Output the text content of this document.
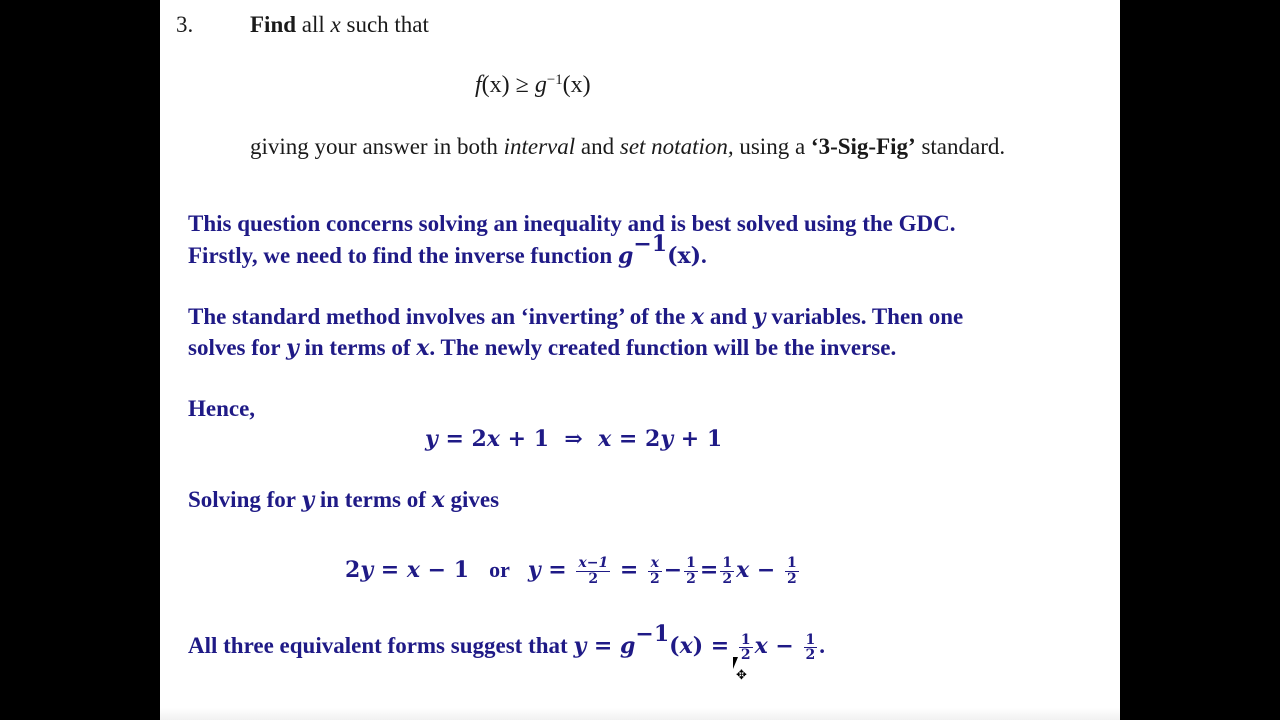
3. Find all x such that
$f(x) \ge g^{-1}(x)$
giving your answer in both interval and set notation, using a ‘3-Sig-Fig’ standard.
This question concerns solving an inequality and is best solved using the GDC.
Firstly, we need to find the inverse function $g^{-1}(x)$.
The standard method involves an ‘inverting’ of the x and y variables. Then one
solves for y in terms of x. The newly created function will be the inverse.
Hence,
y = 2x + 1  ⇒  x = 2y + 1
Solving for y in terms of x gives
2y = x − 1 or $y = \frac{x-1}{2} = \frac{x}{2} - \frac{1}{2} = \frac{1}{2}$ $x - \frac{1}{2}$
All three equivalent forms suggest that $y = g^{-1}(x) = \frac{1}{2}$ $x - \frac{1}{2}$ .
✥
